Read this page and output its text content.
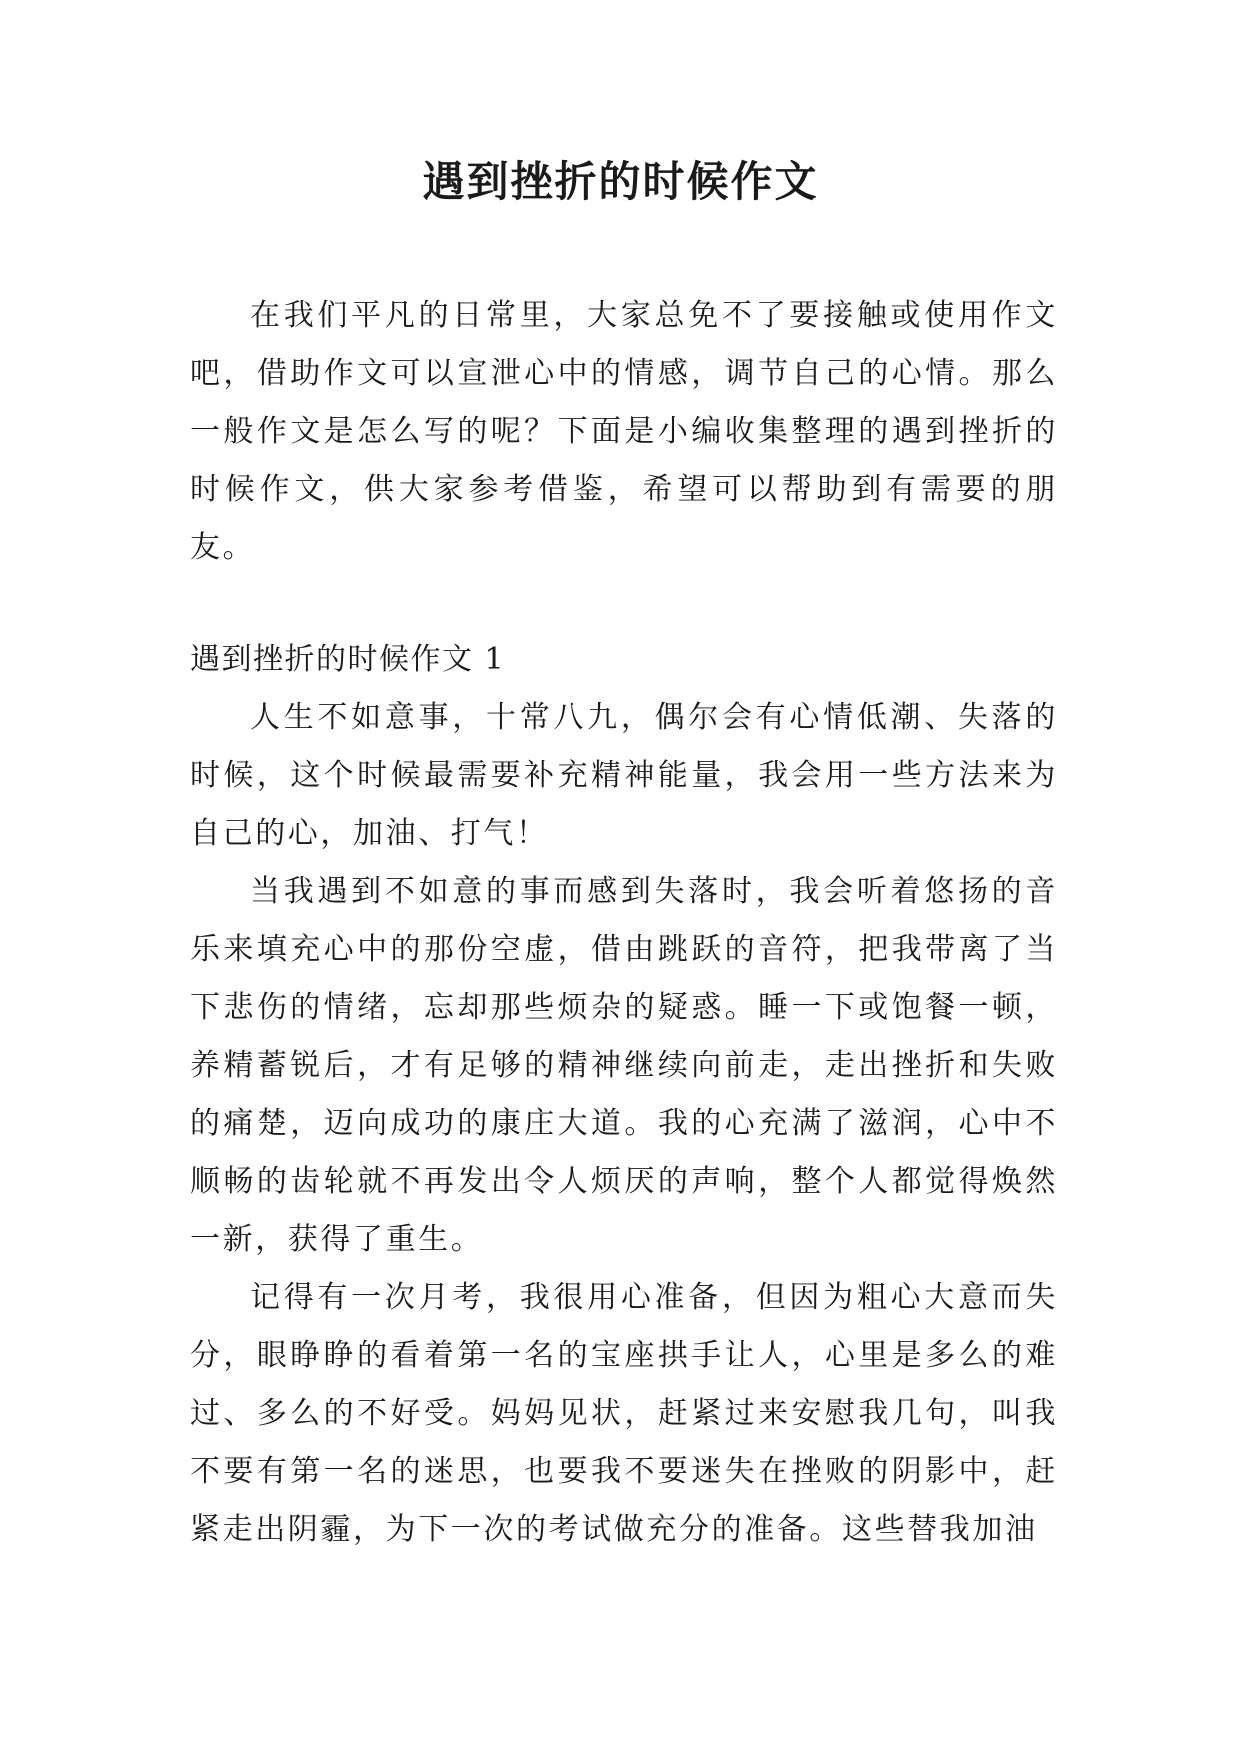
遇到挫折的时候作文

在我们平凡的日常里，大家总免不了要接触或使用作文吧，借助作文可以宣泄心中的情感，调节自己的心情。那么一般作文是怎么写的呢？下面是小编收集整理的遇到挫折的时候作文，供大家参考借鉴，希望可以帮助到有需要的朋友。

遇到挫折的时候作文 1

人生不如意事，十常八九，偶尔会有心情低潮、失落的时候，这个时候最需要补充精神能量，我会用一些方法来为自己的心，加油、打气！

当我遇到不如意的事而感到失落时，我会听着悠扬的音乐来填充心中的那份空虚，借由跳跃的音符，把我带离了当下悲伤的情绪，忘却那些烦杂的疑惑。睡一下或饱餐一顿，养精蓄锐后，才有足够的精神继续向前走，走出挫折和失败的痛楚，迈向成功的康庄大道。我的心充满了滋润，心中不顺畅的齿轮就不再发出令人烦厌的声响，整个人都觉得焕然一新，获得了重生。

记得有一次月考，我很用心准备，但因为粗心大意而失分，眼睁睁的看着第一名的宝座拱手让人，心里是多么的难过、多么的不好受。妈妈见状，赶紧过来安慰我几句，叫我不要有第一名的迷思，也要我不要迷失在挫败的阴影中，赶紧走出阴霾，为下一次的考试做充分的准备。这些替我加油
